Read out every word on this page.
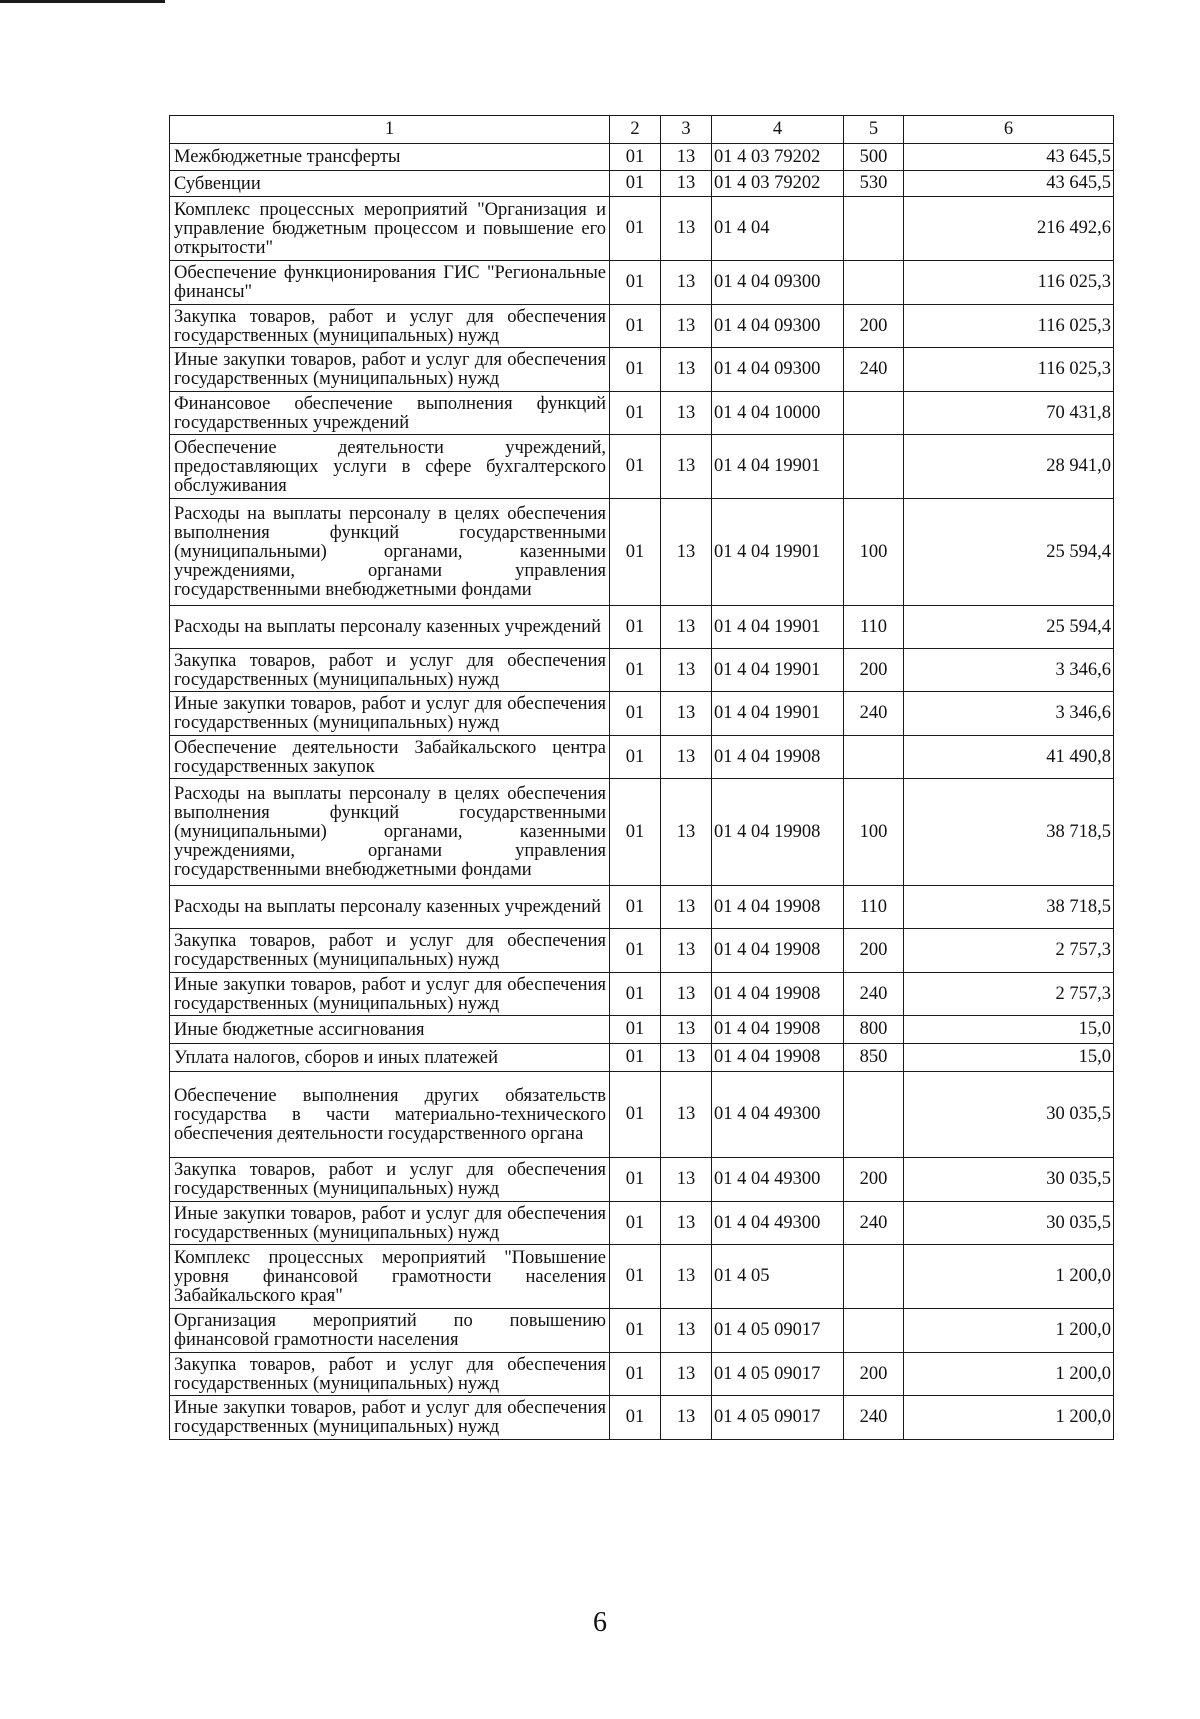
1	2	3	4	5	6
Межбюджетные трансферты	01	13	01 4 03 79202	500	43 645,5
Субвенции	01	13	01 4 03 79202	530	43 645,5
Комплекс процессных мероприятий "Организация и управление бюджетным процессом и повышение его открытости"	01	13	01 4 04		216 492,6
Обеспечение функционирования ГИС "Региональные финансы"	01	13	01 4 04 09300		116 025,3
Закупка товаров, работ и услуг для обеспечения государственных (муниципальных) нужд	01	13	01 4 04 09300	200	116 025,3
Иные закупки товаров, работ и услуг для обеспечения государственных (муниципальных) нужд	01	13	01 4 04 09300	240	116 025,3
Финансовое обеспечение выполнения функций государственных учреждений	01	13	01 4 04 10000		70 431,8
Обеспечение деятельности учреждений, предоставляющих услуги в сфере бухгалтерского обслуживания	01	13	01 4 04 19901		28 941,0
Расходы на выплаты персоналу в целях обеспечения выполнения функций государственными (муниципальными) органами, казенными учреждениями, органами управления государственными внебюджетными фондами	01	13	01 4 04 19901	100	25 594,4
Расходы на выплаты персоналу казенных учреждений	01	13	01 4 04 19901	110	25 594,4
Закупка товаров, работ и услуг для обеспечения государственных (муниципальных) нужд	01	13	01 4 04 19901	200	3 346,6
Иные закупки товаров, работ и услуг для обеспечения государственных (муниципальных) нужд	01	13	01 4 04 19901	240	3 346,6
Обеспечение деятельности Забайкальского центра государственных закупок	01	13	01 4 04 19908		41 490,8
Расходы на выплаты персоналу в целях обеспечения выполнения функций государственными (муниципальными) органами, казенными учреждениями, органами управления государственными внебюджетными фондами	01	13	01 4 04 19908	100	38 718,5
Расходы на выплаты персоналу казенных учреждений	01	13	01 4 04 19908	110	38 718,5
Закупка товаров, работ и услуг для обеспечения государственных (муниципальных) нужд	01	13	01 4 04 19908	200	2 757,3
Иные закупки товаров, работ и услуг для обеспечения государственных (муниципальных) нужд	01	13	01 4 04 19908	240	2 757,3
Иные бюджетные ассигнования	01	13	01 4 04 19908	800	15,0
Уплата налогов, сборов и иных платежей	01	13	01 4 04 19908	850	15,0
Обеспечение выполнения других обязательств государства в части материально-технического обеспечения деятельности государственного органа	01	13	01 4 04 49300		30 035,5
Закупка товаров, работ и услуг для обеспечения государственных (муниципальных) нужд	01	13	01 4 04 49300	200	30 035,5
Иные закупки товаров, работ и услуг для обеспечения государственных (муниципальных) нужд	01	13	01 4 04 49300	240	30 035,5
Комплекс процессных мероприятий "Повышение уровня финансовой грамотности населения Забайкальского края"	01	13	01 4 05		1 200,0
Организация мероприятий по повышению финансовой грамотности населения	01	13	01 4 05 09017		1 200,0
Закупка товаров, работ и услуг для обеспечения государственных (муниципальных) нужд	01	13	01 4 05 09017	200	1 200,0
Иные закупки товаров, работ и услуг для обеспечения государственных (муниципальных) нужд	01	13	01 4 05 09017	240	1 200,0
6
